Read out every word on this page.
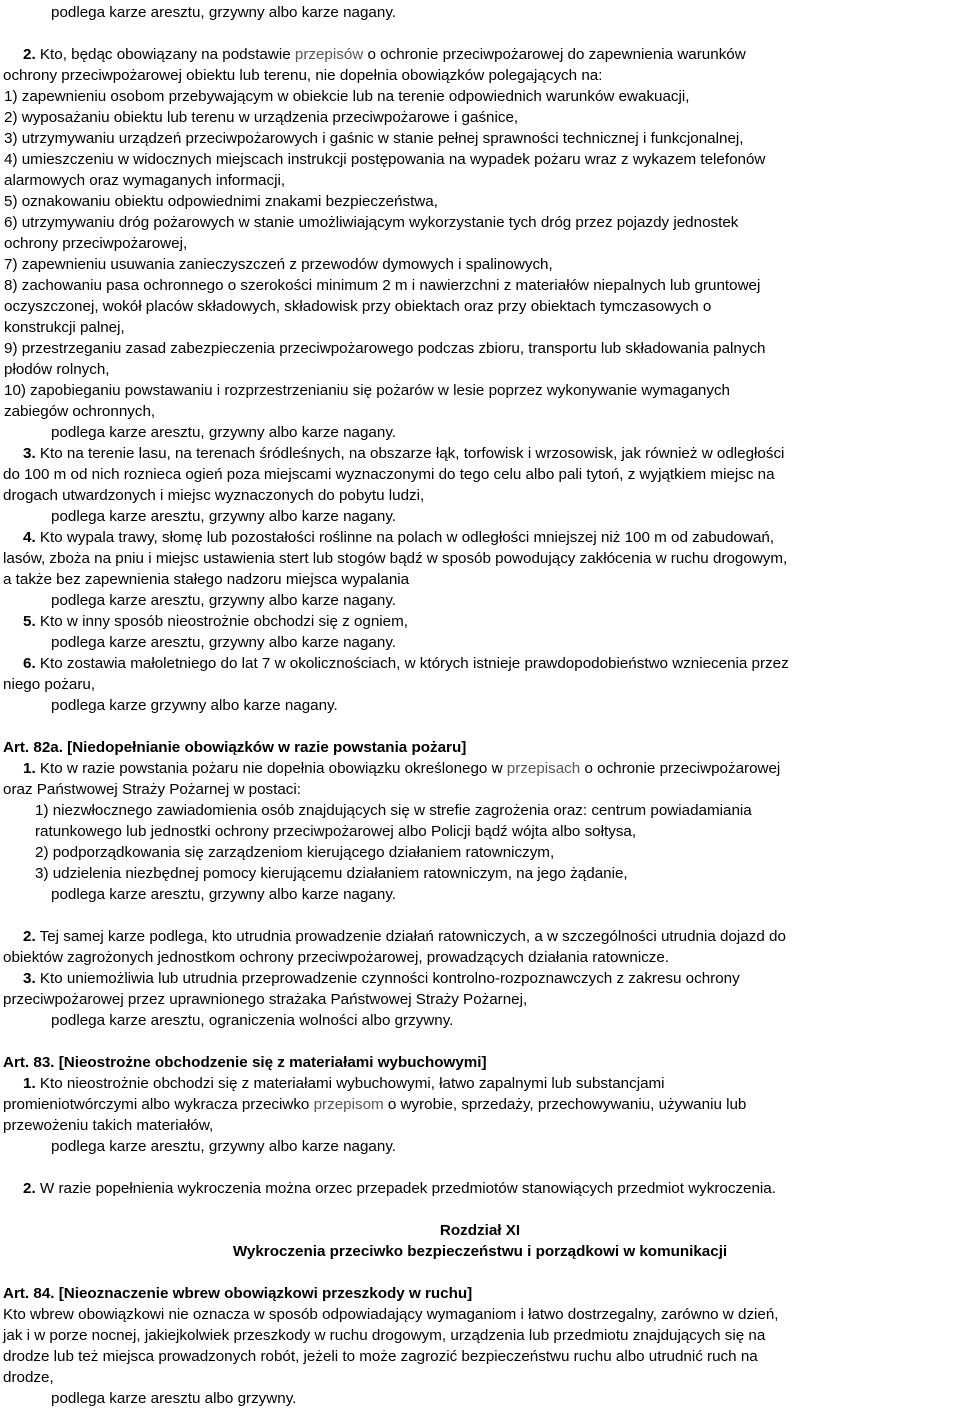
podlega karze aresztu, grzywny albo karze nagany.
2. Kto, będąc obowiązany na podstawie przepisów o ochronie przeciwpożarowej do zapewnienia warunków
ochrony przeciwpożarowej obiektu lub terenu, nie dopełnia obowiązków polegających na:
1) zapewnieniu osobom przebywającym w obiekcie lub na terenie odpowiednich warunków ewakuacji,
2) wyposażaniu obiektu lub terenu w urządzenia przeciwpożarowe i gaśnice,
3) utrzymywaniu urządzeń przeciwpożarowych i gaśnic w stanie pełnej sprawności technicznej i funkcjonalnej,
4) umieszczeniu w widocznych miejscach instrukcji postępowania na wypadek pożaru wraz z wykazem telefonów
alarmowych oraz wymaganych informacji,
5) oznakowaniu obiektu odpowiednimi znakami bezpieczeństwa,
6) utrzymywaniu dróg pożarowych w stanie umożliwiającym wykorzystanie tych dróg przez pojazdy jednostek
ochrony przeciwpożarowej,
7) zapewnieniu usuwania zanieczyszczeń z przewodów dymowych i spalinowych,
8) zachowaniu pasa ochronnego o szerokości minimum 2 m i nawierzchni z materiałów niepalnych lub gruntowej
oczyszczonej, wokół placów składowych, składowisk przy obiektach oraz przy obiektach tymczasowych o
konstrukcji palnej,
9) przestrzeganiu zasad zabezpieczenia przeciwpożarowego podczas zbioru, transportu lub składowania palnych
płodów rolnych,
10) zapobieganiu powstawaniu i rozprzestrzenianiu się pożarów w lesie poprzez wykonywanie wymaganych
zabiegów ochronnych,
podlega karze aresztu, grzywny albo karze nagany.
3. Kto na terenie lasu, na terenach śródleśnych, na obszarze łąk, torfowisk i wrzosowisk, jak również w odległości
do 100 m od nich rozniecа ogień poza miejscami wyznaczonymi do tego celu albo pali tytoń, z wyjątkiem miejsc na
drogach utwardzonych i miejsc wyznaczonych do pobytu ludzi,
podlega karze aresztu, grzywny albo karze nagany.
4. Kto wypala trawy, słomę lub pozostałości roślinne na polach w odległości mniejszej niż 100 m od zabudowań,
lasów, zboża na pniu i miejsc ustawienia stert lub stogów bądź w sposób powodujący zakłócenia w ruchu drogowym,
a także bez zapewnienia stałego nadzoru miejsca wypalania
podlega karze aresztu, grzywny albo karze nagany.
5. Kto w inny sposób nieostrożnie obchodzi się z ogniem,
podlega karze aresztu, grzywny albo karze nagany.
6. Kto zostawia małoletniego do lat 7 w okolicznościach, w których istnieje prawdopodobieństwo wzniecenia przez
niego pożaru,
podlega karze grzywny albo karze nagany.
Art. 82a. [Niedopełnianie obowiązków w razie powstania pożaru]
1. Kto w razie powstania pożaru nie dopełnia obowiązku określonego w przepisach o ochronie przeciwpożarowej
oraz Państwowej Straży Pożarnej w postaci:
1) niezwłocznego zawiadomienia osób znajdujących się w strefie zagrożenia oraz: centrum powiadamiania
ratunkowego lub jednostki ochrony przeciwpożarowej albo Policji bądź wójta albo sołtysa,
2) podporządkowania się zarządzeniom kierującego działaniem ratowniczym,
3) udzielenia niezbędnej pomocy kierującemu działaniem ratowniczym, na jego żądanie,
podlega karze aresztu, grzywny albo karze nagany.
2. Tej samej karze podlega, kto utrudnia prowadzenie działań ratowniczych, a w szczególności utrudnia dojazd do
obiektów zagrożonych jednostkom ochrony przeciwpożarowej, prowadzących działania ratownicze.
3. Kto uniemożliwia lub utrudnia przeprowadzenie czynności kontrolno-rozpoznawczych z zakresu ochrony
przeciwpożarowej przez uprawnionego strażaka Państwowej Straży Pożarnej,
podlega karze aresztu, ograniczenia wolności albo grzywny.
Art. 83. [Nieostrożne obchodzenie się z materiałami wybuchowymi]
1. Kto nieostrożnie obchodzi się z materiałami wybuchowymi, łatwo zapalnymi lub substancjami
promieniotwórczymi albo wykracza przeciwko przepisom o wyrobie, sprzedaży, przechowywaniu, używaniu lub
przewożeniu takich materiałów,
podlega karze aresztu, grzywny albo karze nagany.
2. W razie popełnienia wykroczenia można orzec przepadek przedmiotów stanowiących przedmiot wykroczenia.
Rozdział XI
Wykroczenia przeciwko bezpieczeństwu i porządkowi w komunikacji
Art. 84. [Nieoznaczenie wbrew obowiązkowi przeszkody w ruchu]
Kto wbrew obowiązkowi nie oznacza w sposób odpowiadający wymaganiom i łatwo dostrzegalny, zarówno w dzień,
jak i w porze nocnej, jakiejkolwiek przeszkody w ruchu drogowym, urządzenia lub przedmiotu znajdujących się na
drodze lub też miejsca prowadzonych robót, jeżeli to może zagrozić bezpieczeństwu ruchu albo utrudnić ruch na
drodze,
podlega karze aresztu albo grzywny.
